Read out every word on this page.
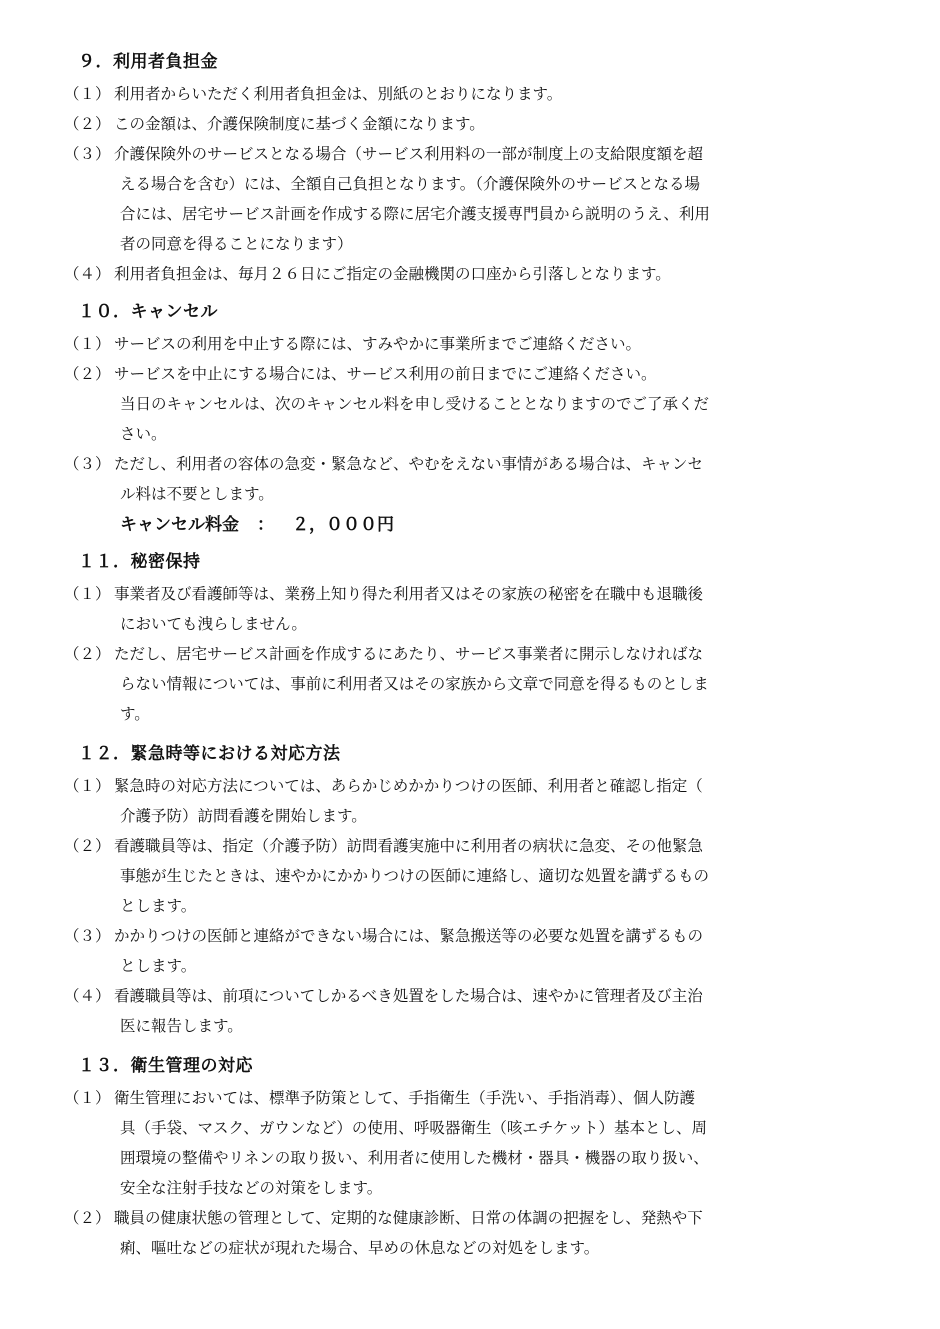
９．利用者負担金
（１） 利用者からいただく利用者負担金は、別紙のとおりになります。
（２） この金額は、介護保険制度に基づく金額になります。
（３） 介護保険外のサービスとなる場合（サービス利用料の一部が制度上の支給限度額を超
える場合を含む）には、全額自己負担となります。（介護保険外のサービスとなる場
合には、居宅サービス計画を作成する際に居宅介護支援専門員から説明のうえ、利用
者の同意を得ることになります）
（４） 利用者負担金は、毎月２６日にご指定の金融機関の口座から引落しとなります。
１０．キャンセル
（１） サービスの利用を中止する際には、すみやかに事業所までご連絡ください。
（２） サービスを中止にする場合には、サービス利用の前日までにご連絡ください。
当日のキャンセルは、次のキャンセル料を申し受けることとなりますのでご了承くだ
さい。
（３） ただし、利用者の容体の急変・緊急など、やむをえない事情がある場合は、キャンセ
ル料は不要とします。
キャンセル料金 ： ２，０００円
１１．秘密保持
（１） 事業者及び看護師等は、業務上知り得た利用者又はその家族の秘密を在職中も退職後
においても洩らしません。
（２） ただし、居宅サービス計画を作成するにあたり、サービス事業者に開示しなければな
らない情報については、事前に利用者又はその家族から文章で同意を得るものとしま
す。
１２．緊急時等における対応方法
（１） 緊急時の対応方法については、あらかじめかかりつけの医師、利用者と確認し指定（
介護予防）訪問看護を開始します。
（２） 看護職員等は、指定（介護予防）訪問看護実施中に利用者の病状に急変、その他緊急
事態が生じたときは、速やかにかかりつけの医師に連絡し、適切な処置を講ずるもの
とします。
（３） かかりつけの医師と連絡ができない場合には、緊急搬送等の必要な処置を講ずるもの
とします。
（４） 看護職員等は、前項についてしかるべき処置をした場合は、速やかに管理者及び主治
医に報告します。
１３．衛生管理の対応
（１） 衛生管理においては、標準予防策として、手指衛生（手洗い、手指消毒）、個人防護
具（手袋、マスク、ガウンなど）の使用、呼吸器衛生（咳エチケット）基本とし、周
囲環境の整備やリネンの取り扱い、利用者に使用した機材・器具・機器の取り扱い、
安全な注射手技などの対策をします。
（２） 職員の健康状態の管理として、定期的な健康診断、日常の体調の把握をし、発熱や下
痢、嘔吐などの症状が現れた場合、早めの休息などの対処をします。
